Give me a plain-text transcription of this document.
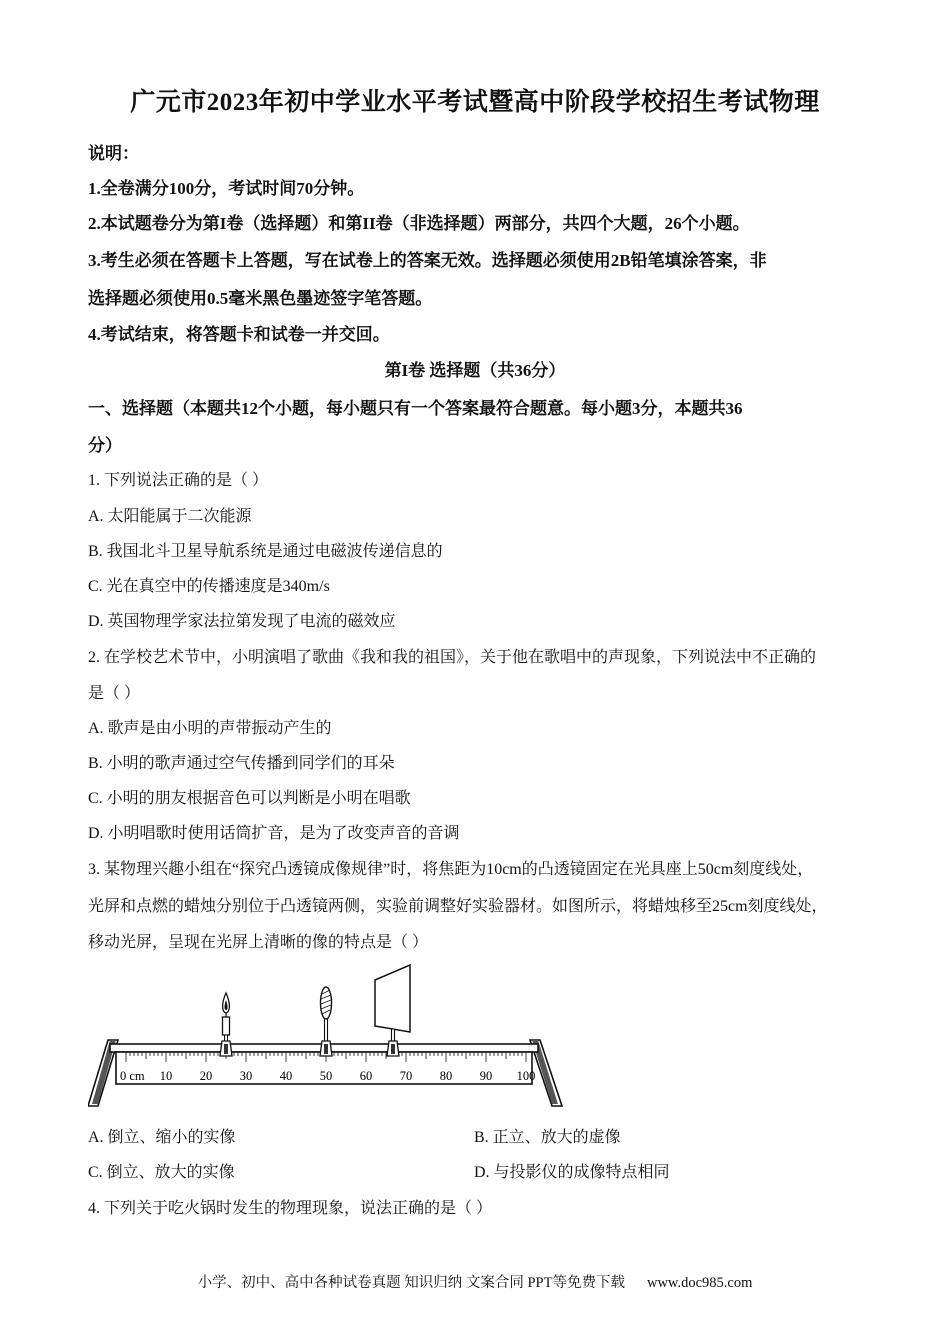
广元市2023年初中学业水平考试暨高中阶段学校招生考试物理
说明：
1.全卷满分100分，考试时间70分钟。
2.本试题卷分为第I卷（选择题）和第II卷（非选择题）两部分，共四个大题，26个小题。
3.考生必须在答题卡上答题，写在试卷上的答案无效。选择题必须使用2B铅笔填涂答案，非
选择题必须使用0.5毫米黑色墨迹签字笔答题。
4.考试结束，将答题卡和试卷一并交回。
第I卷 选择题（共36分）
一、选择题（本题共12个小题，每小题只有一个答案最符合题意。每小题3分，本题共36
分）
1. 下列说法正确的是（ ）
A. 太阳能属于二次能源
B. 我国北斗卫星导航系统是通过电磁波传递信息的
C. 光在真空中的传播速度是340m/s
D. 英国物理学家法拉第发现了电流的磁效应
2. 在学校艺术节中，小明演唱了歌曲《我和我的祖国》，关于他在歌唱中的声现象，下列说法中不正确的
是（ ）
A. 歌声是由小明的声带振动产生的
B. 小明的歌声通过空气传播到同学们的耳朵
C. 小明的朋友根据音色可以判断是小明在唱歌
D. 小明唱歌时使用话筒扩音，是为了改变声音的音调
3. 某物理兴趣小组在“探究凸透镜成像规律”时，将焦距为10cm的凸透镜固定在光具座上50cm刻度线处，
光屏和点燃的蜡烛分别位于凸透镜两侧，实验前调整好实验器材。如图所示，将蜡烛移至25cm刻度线处，
移动光屏，呈现在光屏上清晰的像的特点是（ ）
0 cm 10 20 30 40 50 60 70 80 90 100
A. 倒立、缩小的实像	B. 正立、放大的虚像
C. 倒立、放大的实像	D. 与投影仪的成像特点相同
4. 下列关于吃火锅时发生的物理现象，说法正确的是（ ）
小学、初中、高中各种试卷真题 知识归纳 文案合同 PPT等免费下载 www.doc985.com
